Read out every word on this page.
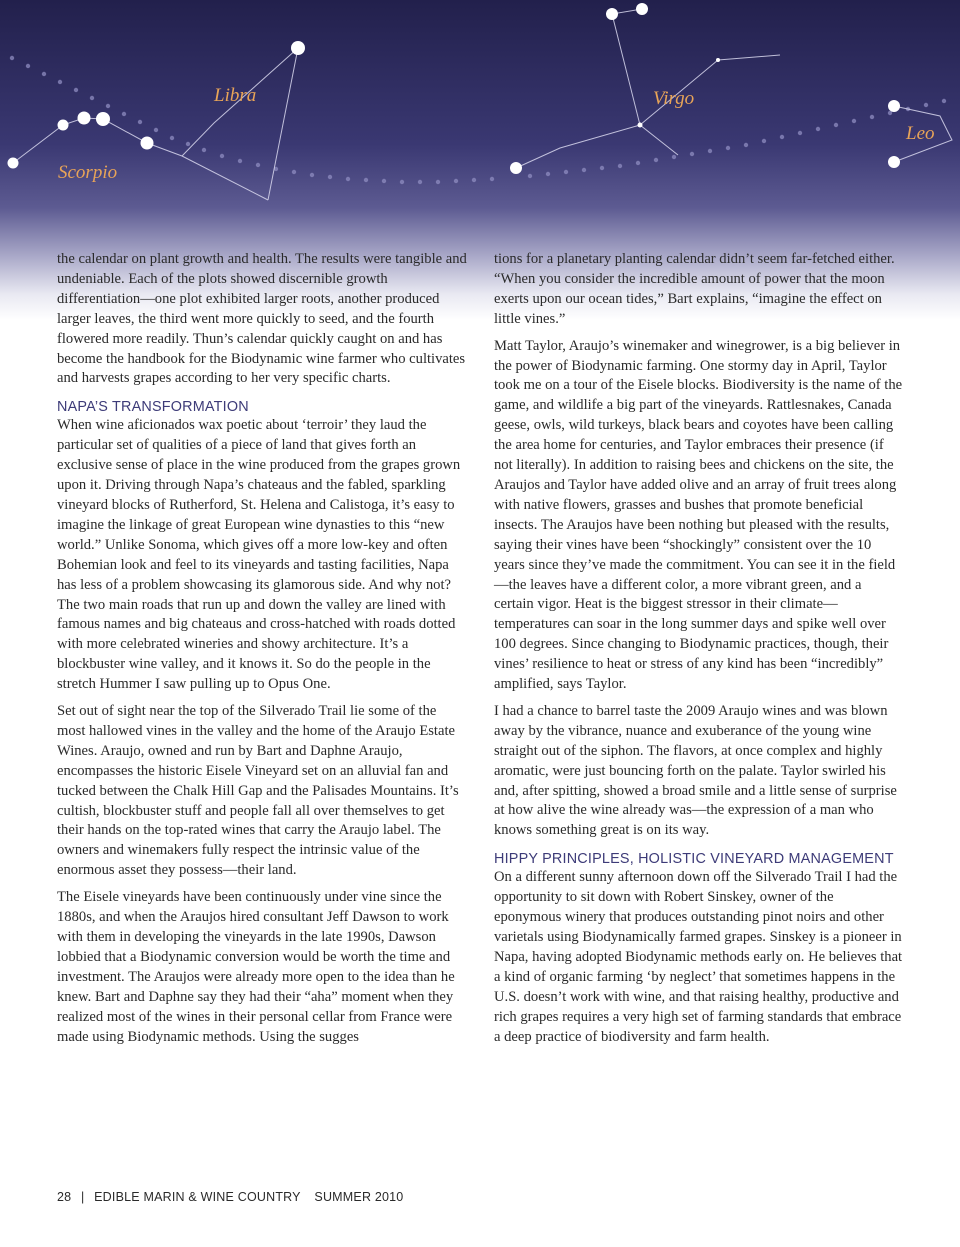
Scorpio
Libra	Virgo
Leo

the calendar on plant growth and health. The results were tangible and undeniable. Each of the plots showed discernible growth differentiation—one plot exhibited larger roots, another produced larger leaves, the third went more quickly to seed, and the fourth flowered more readily. Thun’s calendar quickly caught on and has become the handbook for the Biodynamic wine farmer who cultivates and harvests grapes according to her very specific charts.

NAPA’S TRANSFORMATION

When wine aficionados wax poetic about ‘terroir’ they laud the particular set of qualities of a piece of land that gives forth an exclusive sense of place in the wine produced from the grapes grown upon it. Driving through Napa’s chateaus and the fabled, sparkling vineyard blocks of Rutherford, St. Helena and Calistoga, it’s easy to imagine the linkage of great European wine dynasties to this “new world.” Unlike Sonoma, which gives off a more low-key and often Bohemian look and feel to its vineyards and tasting facilities, Napa has less of a problem showcasing its glamorous side. And why not? The two main roads that run up and down the valley are lined with famous names and big chateaus and cross-hatched with roads dotted with more celebrated wineries and showy architecture. It’s a blockbuster wine valley, and it knows it. So do the people in the stretch Hummer I saw pulling up to Opus One.

Set out of sight near the top of the Silverado Trail lie some of the most hallowed vines in the valley and the home of the Araujo Estate Wines. Araujo, owned and run by Bart and Daphne Araujo, encompasses the historic Eisele Vineyard set on an alluvial fan and tucked between the Chalk Hill Gap and the Palisades Mountains. It’s cultish, blockbuster stuff and people fall all over themselves to get their hands on the top-rated wines that carry the Araujo label. The owners and winemakers fully respect the intrinsic value of the enormous asset they possess—their land.

The Eisele vineyards have been continuously under vine since the 1880s, and when the Araujos hired consultant Jeff Dawson to work with them in developing the vineyards in the late 1990s, Dawson lobbied that a Biodynamic conversion would be worth the time and investment. The Araujos were already more open to the idea than he knew. Bart and Daphne say they had their “aha” moment when they realized most of the wines in their personal cellar from France were made using Biodynamic methods. Using the sugges

tions for a planetary planting calendar didn’t seem far-fetched either. “When you consider the incredible amount of power that the moon exerts upon our ocean tides,” Bart explains, “imagine the effect on little vines.”

Matt Taylor, Araujo’s winemaker and winegrower, is a big believer in the power of Biodynamic farming. One stormy day in April, Taylor took me on a tour of the Eisele blocks. Biodiversity is the name of the game, and wildlife a big part of the vineyards. Rattlesnakes, Canada geese, owls, wild turkeys, black bears and coyotes have been calling the area home for centuries, and Taylor embraces their presence (if not literally). In addition to raising bees and chickens on the site, the Araujos and Taylor have added olive and an array of fruit trees along with native flowers, grasses and bushes that promote beneficial insects. The Araujos have been nothing but pleased with the results, saying their vines have been “shockingly” consistent over the 10 years since they’ve made the commitment. You can see it in the field—the leaves have a different color, a more vibrant green, and a certain vigor. Heat is the biggest stressor in their climate—temperatures can soar in the long summer days and spike well over 100 degrees. Since changing to Biodynamic practices, though, their vines’ resilience to heat or stress of any kind has been “incredibly” amplified, says Taylor.

I had a chance to barrel taste the 2009 Araujo wines and was blown away by the vibrance, nuance and exuberance of the young wine straight out of the siphon. The flavors, at once complex and highly aromatic, were just bouncing forth on the palate. Taylor swirled his and, after spitting, showed a broad smile and a little sense of surprise at how alive the wine already was—the expression of a man who knows something great is on its way.

HIPPY PRINCIPLES, HOLISTIC VINEYARD MANAGEMENT

On a different sunny afternoon down off the Silverado Trail I had the opportunity to sit down with Robert Sinskey, owner of the eponymous winery that produces outstanding pinot noirs and other varietals using Biodynamically farmed grapes. Sinskey is a pioneer in Napa, having adopted Biodynamic methods early on. He believes that a kind of organic farming ‘by neglect’ that sometimes happens in the U.S. doesn’t work with wine, and that raising healthy, productive and rich grapes requires a very high set of farming standards that embrace a deep practice of biodiversity and farm health.

28 | EDIBLE MARIN & WINE COUNTRY SUMMER 2010
